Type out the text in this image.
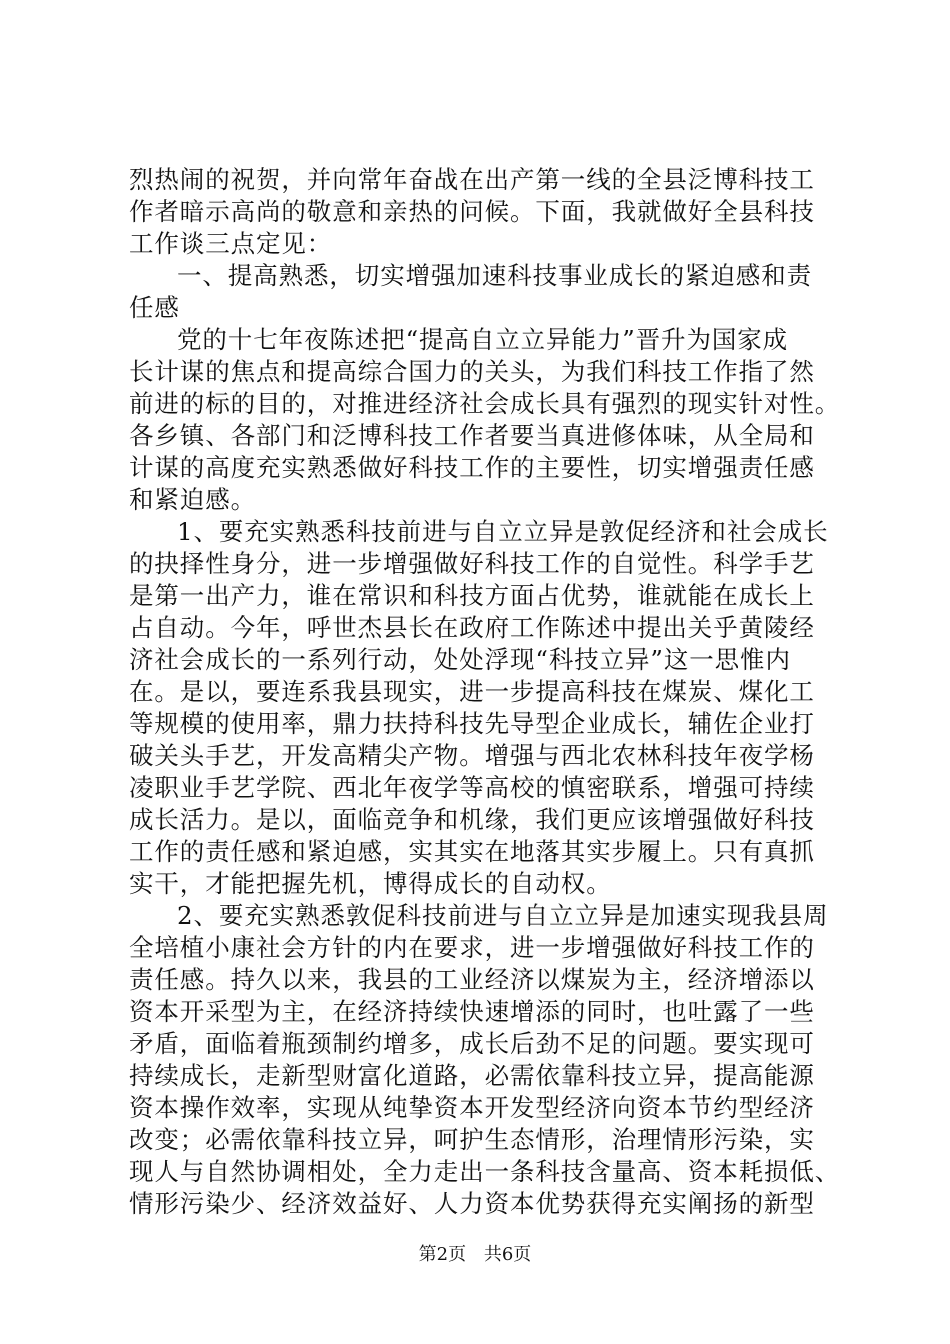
烈热闹的祝贺，并向常年奋战在出产第一线的全县泛博科技工
作者暗示高尚的敬意和亲热的问候。下面，我就做好全县科技
工作谈三点定见：
一、提高熟悉，切实增强加速科技事业成长的紧迫感和责
任感
党的十七年夜陈述把“提高自立立异能力”晋升为国家成
长计谋的焦点和提高综合国力的关头，为我们科技工作指了然
前进的标的目的，对推进经济社会成长具有强烈的现实针对性。
各乡镇、各部门和泛博科技工作者要当真进修体味，从全局和
计谋的高度充实熟悉做好科技工作的主要性，切实增强责任感
和紧迫感。
1、要充实熟悉科技前进与自立立异是敦促经济和社会成长
的抉择性身分，进一步增强做好科技工作的自觉性。科学手艺
是第一出产力，谁在常识和科技方面占优势，谁就能在成长上
占自动。今年，呼世杰县长在政府工作陈述中提出关乎黄陵经
济社会成长的一系列行动，处处浮现“科技立异”这一思惟内
在。是以，要连系我县现实，进一步提高科技在煤炭、煤化工
等规模的使用率，鼎力扶持科技先导型企业成长，辅佐企业打
破关头手艺，开发高精尖产物。增强与西北农林科技年夜学杨
凌职业手艺学院、西北年夜学等高校的慎密联系，增强可持续
成长活力。是以，面临竞争和机缘，我们更应该增强做好科技
工作的责任感和紧迫感，实其实在地落其实步履上。只有真抓
实干，才能把握先机，博得成长的自动权。
2、要充实熟悉敦促科技前进与自立立异是加速实现我县周
全培植小康社会方针的内在要求，进一步增强做好科技工作的
责任感。持久以来，我县的工业经济以煤炭为主，经济增添以
资本开采型为主，在经济持续快速增添的同时，也吐露了一些
矛盾，面临着瓶颈制约增多，成长后劲不足的问题。要实现可
持续成长，走新型财富化道路，必需依靠科技立异，提高能源
资本操作效率，实现从纯挚资本开发型经济向资本节约型经济
改变；必需依靠科技立异，呵护生态情形，治理情形污染，实
现人与自然协调相处，全力走出一条科技含量高、资本耗损低、
情形污染少、经济效益好、人力资本优势获得充实阐扬的新型
第2页 共6页
